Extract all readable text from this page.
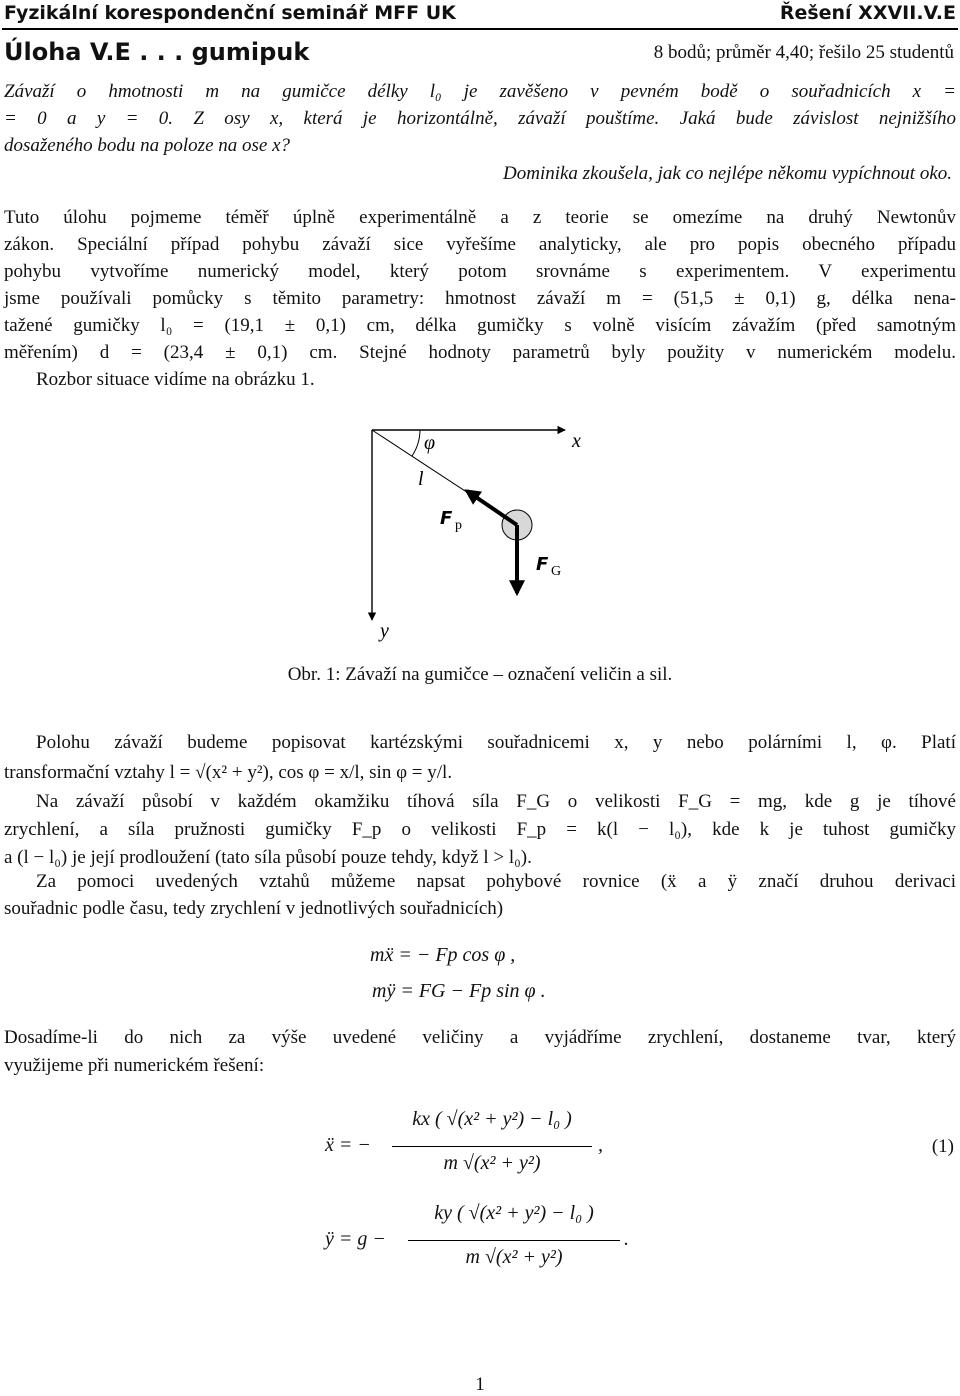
Fyzikální korespondenční seminář MFF UK	Řešení XXVII.V.E
Úloha V.E . . . gumipuk	8 bodů; průměr 4,40; řešilo 25 studentů
Závaží o hmotnosti m na gumičce délky l₀ je zavěšeno v pevném bodě o souřadnicích x =
= 0 a y = 0. Z osy x, která je horizontálně, závaží pouštíme. Jaká bude závislost nejnižšího
dosaženého bodu na poloze na ose x?
Dominika zkoušela, jak co nejlépe někomu vypíchnout oko.
Tuto úlohu pojmeme téměř úplně experimentálně a z teorie se omezíme na druhý Newtonův
zákon. Speciální případ pohybu závaží sice vyřešíme analyticky, ale pro popis obecného případu
pohybu vytvoříme numerický model, který potom srovnáme s experimentem. V experimentu
jsme používali pomůcky s těmito parametry: hmotnost závaží m = (51,5 ± 0,1) g, délka nena-
tažené gumičky l₀ = (19,1 ± 0,1) cm, délka gumičky s volně visícím závažím (před samotným
měřením) d = (23,4 ± 0,1) cm. Stejné hodnoty parametrů byly použity v numerickém modelu.
Rozbor situace vidíme na obrázku 1.
φ	x
l
F p
F G
y
Obr. 1: Závaží na gumičce – označení veličin a sil.
Polohu závaží budeme popisovat kartézskými souřadnicemi x, y nebo polárními l, φ. Platí
transformační vztahy l = √(x² + y²), cos φ = x/l, sin φ = y/l.
Na závaží působí v každém okamžiku tíhová síla F_G o velikosti F_G = mg, kde g je tíhové
zrychlení, a síla pružnosti gumičky F_p o velikosti F_p = k(l − l₀), kde k je tuhost gumičky
a (l − l₀) je její prodloužení (tato síla působí pouze tehdy, když l > l₀).
Za pomoci uvedených vztahů můžeme napsat pohybové rovnice (ẍ a ÿ značí druhou derivaci
souřadnic podle času, tedy zrychlení v jednotlivých souřadnicích)
mẍ = − Fp cos φ ,
mÿ = FG − Fp sin φ .
Dosadíme-li do nich za výše uvedené veličiny a vyjádříme zrychlení, dostaneme tvar, který
využijeme při numerickém řešení:
ẍ = −
kx ( √(x² + y²) − l₀ )
m √(x² + y²)
,	(1)
ÿ = g −
ky ( √(x² + y²) − l₀ )
m √(x² + y²)
.
1
